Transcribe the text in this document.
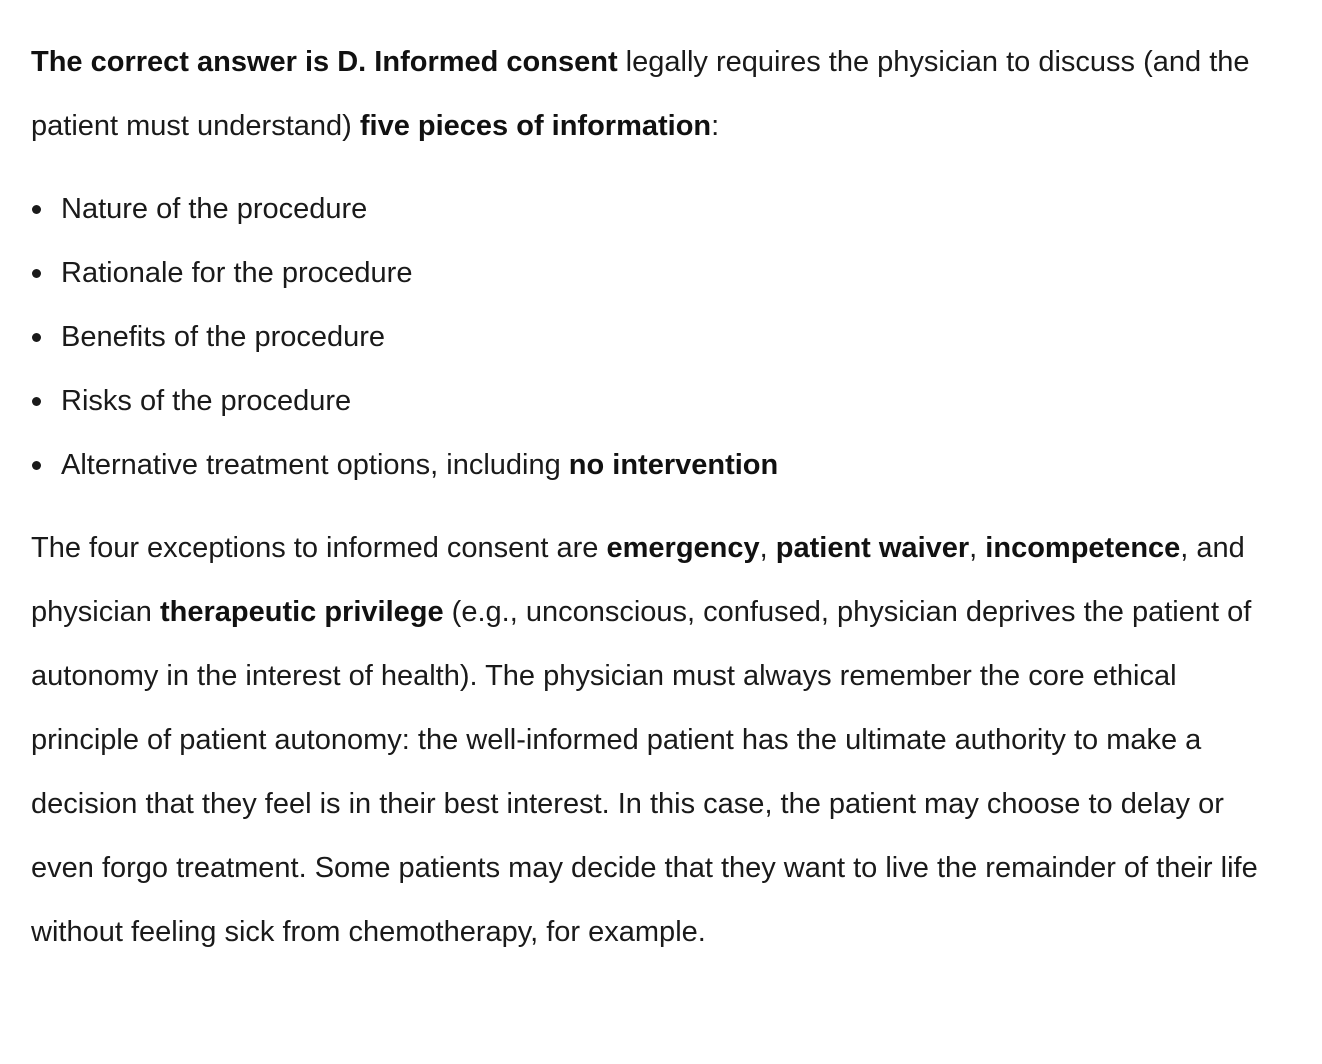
The correct answer is D. Informed consent legally requires the physician to discuss (and the patient must understand) five pieces of information:

Nature of the procedure
Rationale for the procedure
Benefits of the procedure
Risks of the procedure
Alternative treatment options, including no intervention

The four exceptions to informed consent are emergency, patient waiver, incompetence, and physician therapeutic privilege (e.g., unconscious, confused, physician deprives the patient of autonomy in the interest of health). The physician must always remember the core ethical principle of patient autonomy: the well-informed patient has the ultimate authority to make a decision that they feel is in their best interest. In this case, the patient may choose to delay or even forgo treatment. Some patients may decide that they want to live the remainder of their life without feeling sick from chemotherapy, for example.
